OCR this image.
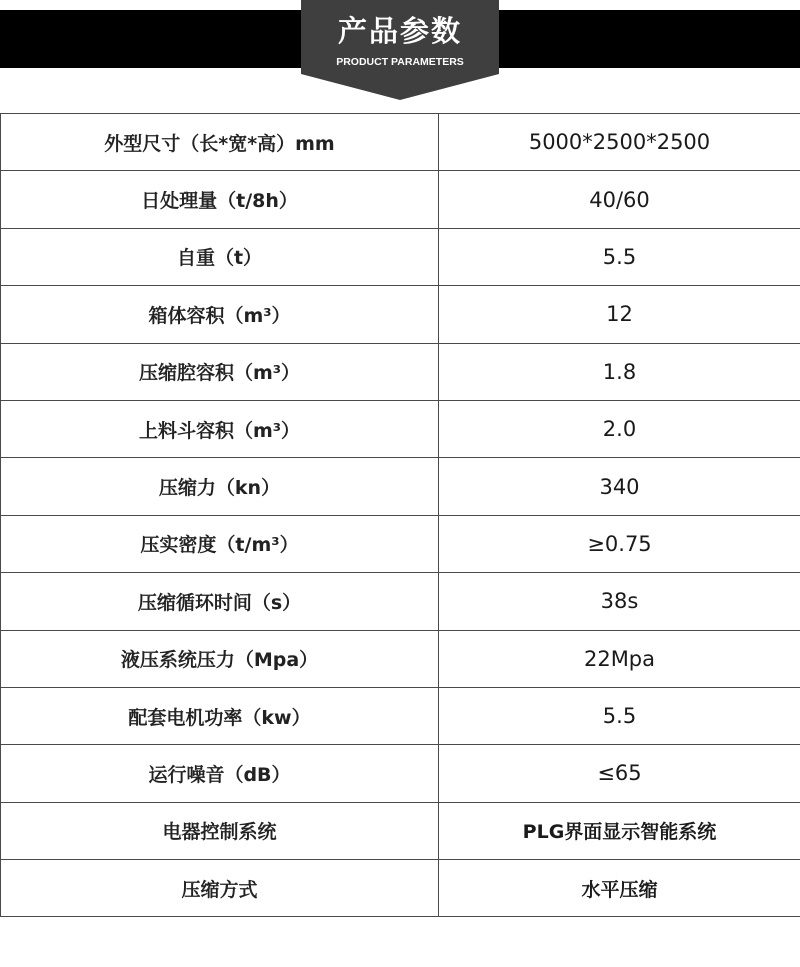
产品参数
PRODUCT PARAMETERS
外型尺寸（长*宽*高）mm	5000*2500*2500
日处理量（t/8h）	40/60
自重（t）	5.5
箱体容积（m³）	12
压缩腔容积（m³）	1.8
上料斗容积（m³）	2.0
压缩力（kn）	340
压实密度（t/m³）	≥0.75
压缩循环时间（s）	38s
液压系统压力（Mpa）	22Mpa
配套电机功率（kw）	5.5
运行噪音（dB）	≤65
电器控制系统	PLG界面显示智能系统
压缩方式	水平压缩
